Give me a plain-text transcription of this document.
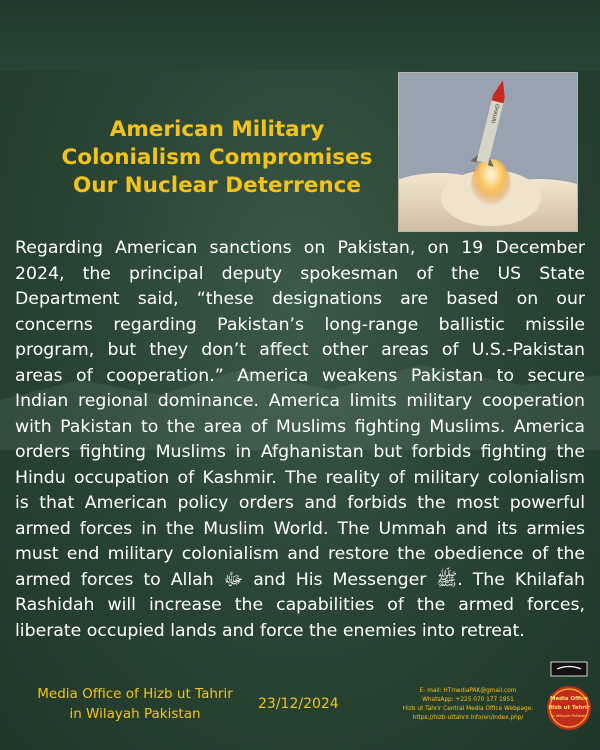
American Military
Colonialism Compromises
Our Nuclear Deterrence
GHAURI

Regarding American sanctions on Pakistan, on 19 December
2024, the principal deputy spokesman of the US State
Department said, “these designations are based on our
concerns regarding Pakistan’s long-range ballistic missile
program, but they don’t affect other areas of U.S.-Pakistan
areas of cooperation.” America weakens Pakistan to secure
Indian regional dominance. America limits military cooperation
with Pakistan to the area of Muslims fighting Muslims. America
orders fighting Muslims in Afghanistan but forbids fighting the
Hindu occupation of Kashmir. The reality of military colonialism
is that American policy orders and forbids the most powerful
armed forces in the Muslim World. The Ummah and its armies
must end military colonialism and restore the obedience of the
armed forces to Allah ﷻ and His Messenger ﷺ. The Khilafah
Rashidah will increase the capabilities of the armed forces,
liberate occupied lands and force the enemies into retreat.

Media Office of Hizb ut Tahrir
in Wilayah Pakistan
23/12/2024
E- mail: HTmediaPAK@gmail.com
WhatsApp: +225 070 177 1951
Hizb ut Tahrir Central Media Office Webpage:
https://hizb-uttahrir.info/en/index.php/
Media Office
Hizb ut Tahrir
in Wilayah Pakistan
